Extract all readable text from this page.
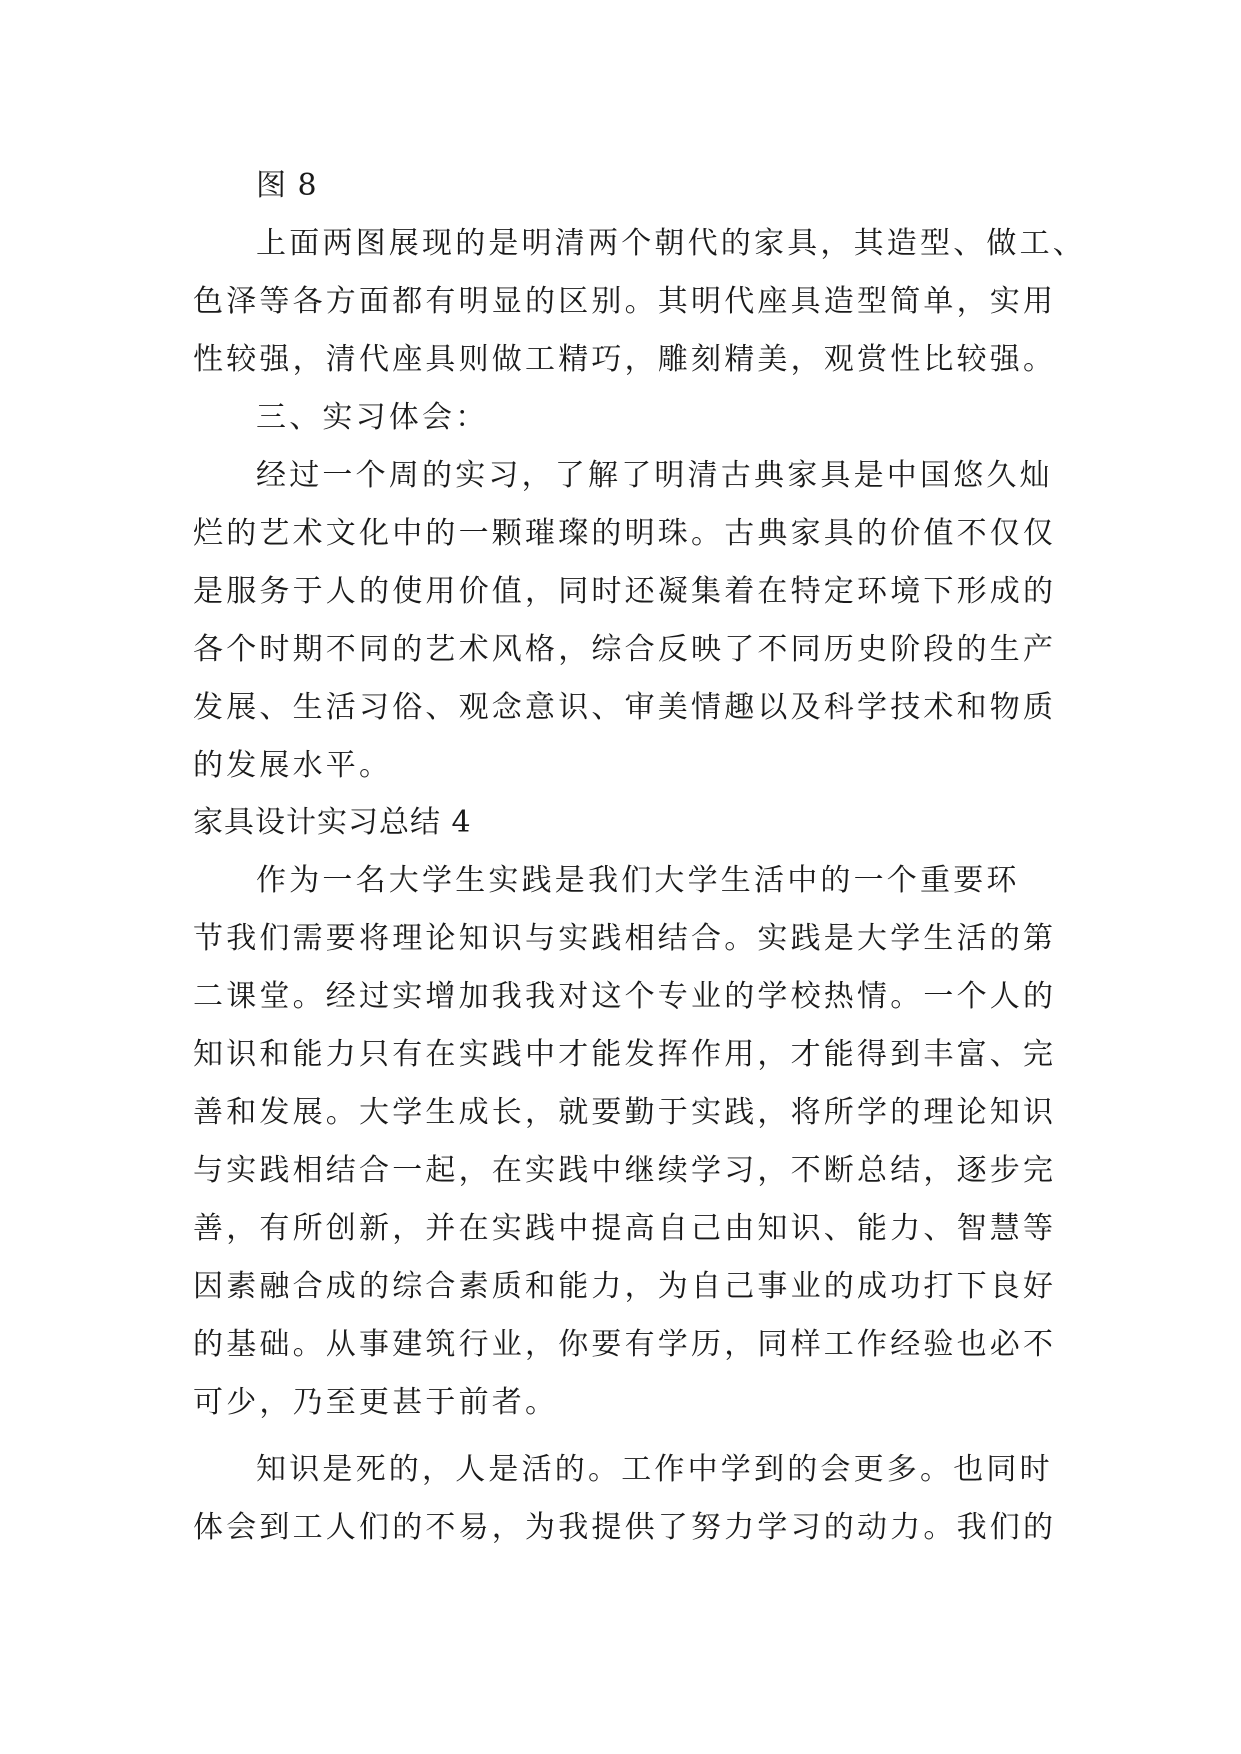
图 8
上面两图展现的是明清两个朝代的家具，其造型、做工、
色泽等各方面都有明显的区别。其明代座具造型简单，实用
性较强，清代座具则做工精巧，雕刻精美，观赏性比较强。
三、实习体会：
经过一个周的实习，了解了明清古典家具是中国悠久灿
烂的艺术文化中的一颗璀璨的明珠。古典家具的价值不仅仅
是服务于人的使用价值，同时还凝集着在特定环境下形成的
各个时期不同的艺术风格，综合反映了不同历史阶段的生产
发展、生活习俗、观念意识、审美情趣以及科学技术和物质
的发展水平。
家具设计实习总结 4
作为一名大学生实践是我们大学生活中的一个重要环
节我们需要将理论知识与实践相结合。实践是大学生活的第
二课堂。经过实增加我我对这个专业的学校热情。一个人的
知识和能力只有在实践中才能发挥作用，才能得到丰富、完
善和发展。大学生成长，就要勤于实践，将所学的理论知识
与实践相结合一起，在实践中继续学习，不断总结，逐步完
善，有所创新，并在实践中提高自己由知识、能力、智慧等
因素融合成的综合素质和能力，为自己事业的成功打下良好
的基础。从事建筑行业，你要有学历，同样工作经验也必不
可少，乃至更甚于前者。
知识是死的，人是活的。工作中学到的会更多。也同时
体会到工人们的不易，为我提供了努力学习的动力。我们的
